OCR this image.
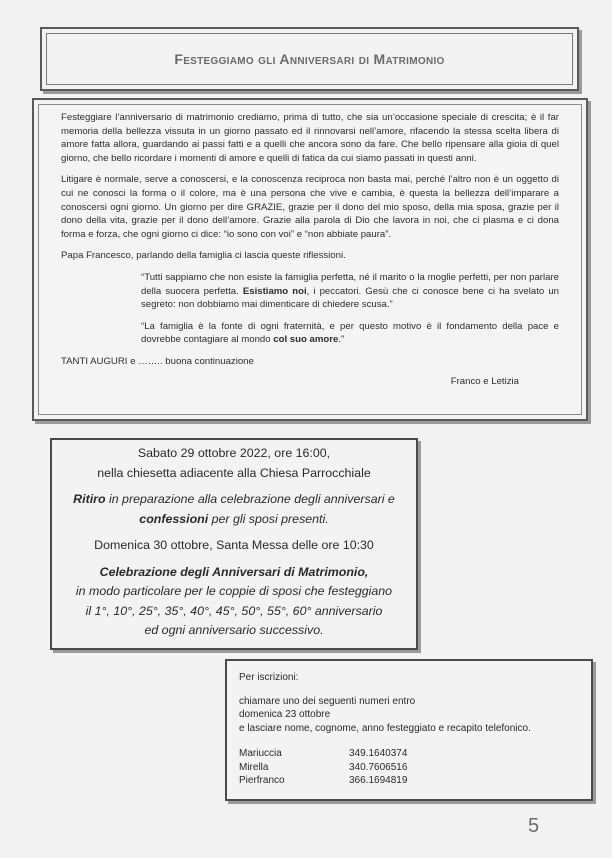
Festeggiamo gli Anniversari di Matrimonio

Festeggiare l’anniversario di matrimonio crediamo, prima di tutto, che sia un’occasione speciale di crescita; è il far memoria della bellezza vissuta in un giorno passato ed il rinnovarsi nell’amore, rifacendo la stessa scelta libera di amore fatta allora, guardando ai passi fatti e a quelli che ancora sono da fare. Che bello ripensare alla gioia di quel giorno, che bello ricordare i momenti di amore e quelli di fatica da cui siamo passati in questi anni.

Litigare è normale, serve a conoscersi, e la conoscenza reciproca non basta mai, perché l’altro non è un oggetto di cui ne conosci la forma o il colore, ma è una persona che vive e cambia, è questa la bellezza dell’imparare a conoscersi ogni giorno. Un giorno per dire GRAZIE, grazie per il dono del mio sposo, della mia sposa, grazie per il dono della vita, grazie per il dono dell’amore. Grazie alla parola di Dio che lavora in noi, che ci plasma e ci dona forma e forza, che ogni giorno ci dice: “io sono con voi” e “non abbiate paura”.

Papa Francesco, parlando della famiglia ci lascia queste riflessioni.

“Tutti sappiamo che non esiste la famiglia perfetta, né il marito o la moglie perfetti, per non parlare della suocera perfetta. Esistiamo noi, i peccatori. Gesù che ci conosce bene ci ha svelato un segreto: non dobbiamo mai dimenticare di chiedere scusa.”

“La famiglia è la fonte di ogni fraternità, e per questo motivo è il fondamento della pace e dovrebbe contagiare al mondo col suo amore.”

TANTI AUGURI e …….. buona continuazione

Franco e Letizia
Sabato 29 ottobre 2022, ore 16:00,
nella chiesetta adiacente alla Chiesa Parrocchiale
Ritiro in preparazione alla celebrazione degli anniversari e
confessioni per gli sposi presenti.
Domenica 30 ottobre, Santa Messa delle ore 10:30
Celebrazione degli Anniversari di Matrimonio,
in modo particolare per le coppie di sposi che festeggiano
il 1°, 10°, 25°, 35°, 40°, 45°, 50°, 55°, 60° anniversario
ed ogni anniversario successivo.
Per iscrizioni:
chiamare uno dei seguenti numeri entro
domenica 23 ottobre
e lasciare nome, cognome, anno festeggiato e recapito telefonico.
Mariuccia	349.1640374
Mirella	340.7606516
Pierfranco	366.1694819
5
